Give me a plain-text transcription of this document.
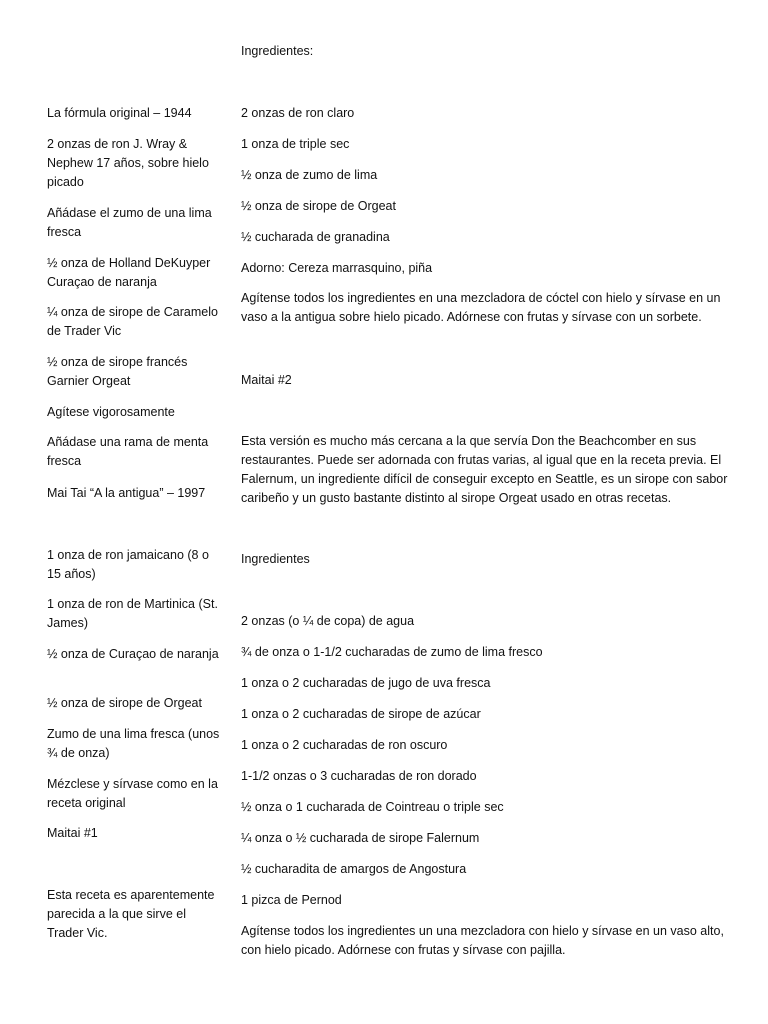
La fórmula original – 1944

2 onzas de ron J. Wray & Nephew 17 años, sobre hielo picado

Añádase el zumo de una lima fresca

½ onza de Holland DeKuyper Curaçao de naranja

¼ onza de sirope de Caramelo de Trader Vic

½ onza de sirope francés Garnier Orgeat

Agítese vigorosamente

Añádase una rama de menta fresca

Mai Tai “A la antigua” – 1997

1 onza de ron jamaicano (8 o 15 años)

1 onza de ron de Martinica (St. James)

½ onza de Curaçao de naranja

½ onza de sirope de Orgeat

Zumo de una lima fresca (unos ¾ de onza)

Mézclese y sírvase como en la receta original

Maitai #1

Esta receta es aparentemente parecida a la que sirve el Trader Vic.

Ingredientes:

2 onzas de ron claro

1 onza de triple sec

½ onza de zumo de lima

½ onza de sirope de Orgeat

½ cucharada de granadina

Adorno: Cereza marrasquino, piña

Agítense todos los ingredientes en una mezcladora de cóctel con hielo y sírvase en un vaso a la antigua sobre hielo picado. Adórnese con frutas y sírvase con un sorbete.

Maitai #2

Esta versión es mucho más cercana a la que servía Don the Beachcomber en sus restaurantes. Puede ser adornada con frutas varias, al igual que en la receta previa. El Falernum, un ingrediente difícil de conseguir excepto en Seattle, es un sirope con sabor caribeño y un gusto bastante distinto al sirope Orgeat usado en otras recetas.

Ingredientes

2 onzas (o ¼ de copa) de agua

¾ de onza o 1-1/2 cucharadas de zumo de lima fresco

1 onza o 2 cucharadas de jugo de uva fresca

1 onza o 2 cucharadas de sirope de azúcar

1 onza o 2 cucharadas de ron oscuro

1-1/2 onzas o 3 cucharadas de ron dorado

½ onza o 1 cucharada de Cointreau o triple sec

¼ onza o ½ cucharada de sirope Falernum

½ cucharadita de amargos de Angostura

1 pizca de Pernod

Agítense todos los ingredientes un una mezcladora con hielo y sírvase en un vaso alto, con hielo picado. Adórnese con frutas y sírvase con pajilla.
